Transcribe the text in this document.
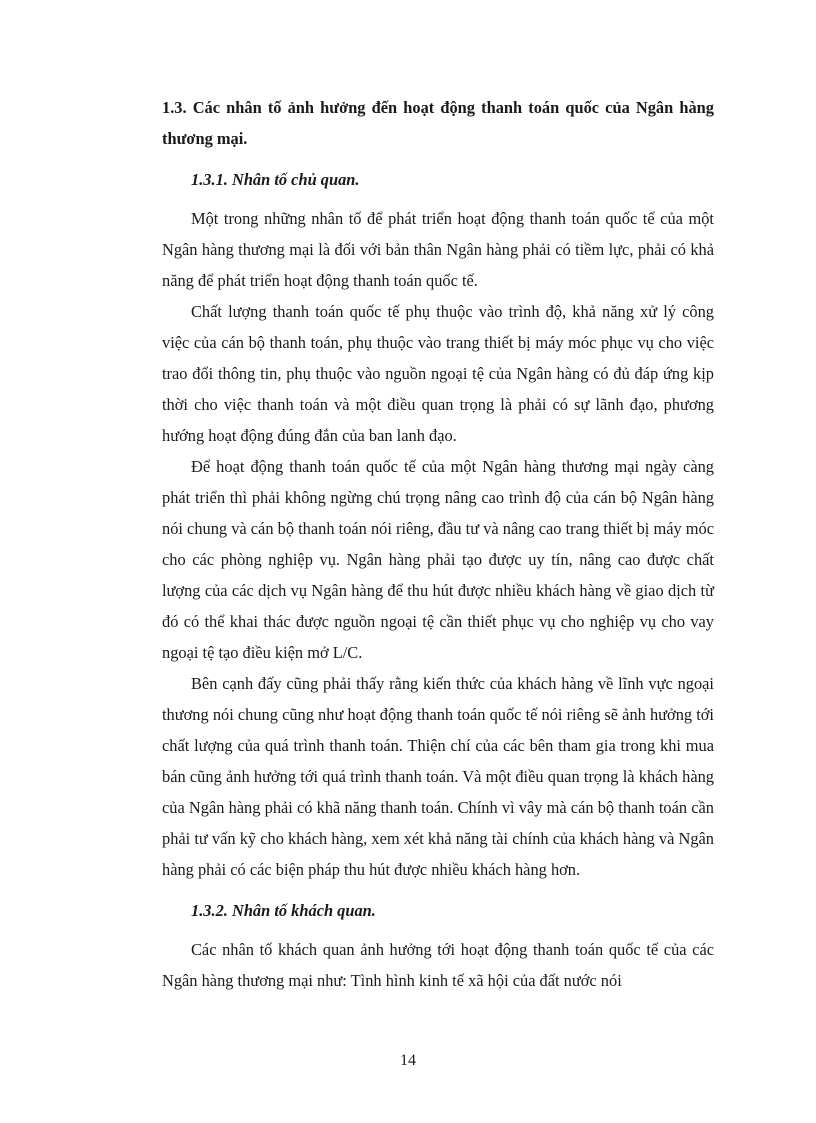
1.3. Các nhân tố ảnh hưởng đến hoạt động thanh toán quốc của Ngân hàng thương mại.

1.3.1. Nhân tố chủ quan.

Một trong những nhân tố để phát triển hoạt động thanh toán quốc tế của một Ngân hàng thương mại là đối với bản thân Ngân hàng phải có tiềm lực, phải có khả năng để phát triển hoạt động thanh toán quốc tế.

Chất lượng thanh toán quốc tế phụ thuộc vào trình độ, khả năng xử lý công việc của cán bộ thanh toán, phụ thuộc vào trang thiết bị máy móc phục vụ cho việc trao đổi thông tin, phụ thuộc vào nguồn ngoại tệ của Ngân hàng có đủ đáp ứng kịp thời cho việc thanh toán và một điều quan trọng là phải có sự lãnh đạo, phương hướng hoạt động đúng đắn của ban lanh đạo.

Để hoạt động thanh toán quốc tế của một Ngân hàng thương mại ngày càng phát triển thì phải không ngừng chú trọng nâng cao trình độ của cán bộ Ngân hàng nói chung và cán bộ thanh toán nói riêng, đầu tư và nâng cao trang thiết bị máy móc cho các phòng nghiệp vụ. Ngân hàng phải tạo được uy tín, nâng cao được chất lượng của các dịch vụ Ngân hàng để thu hút được nhiều khách hàng về giao dịch từ đó có thể khai thác được nguồn ngoại tệ cần thiết phục vụ cho nghiệp vụ cho vay ngoại tệ tạo điều kiện mở L/C.

Bên cạnh đấy cũng phải thấy rằng kiến thức của khách hàng về lĩnh vực ngoại thương nói chung cũng như hoạt động thanh toán quốc tế nói riêng sẽ ảnh hưởng tới chất lượng của quá trình thanh toán. Thiện chí của các bên tham gia trong khi mua bán cũng ảnh hưởng tới quá trình thanh toán. Và một điều quan trọng là khách hàng của Ngân hàng phải có khã năng thanh toán. Chính vì vây mà cán bộ thanh toán cần phải tư vấn kỹ cho khách hàng, xem xét khả năng tài chính của khách hàng và Ngân hàng phải có các biện pháp thu hút được nhiều khách hàng hơn.

1.3.2. Nhân tố khách quan.

Các nhân tố khách quan ảnh hưởng tới hoạt động thanh toán quốc tế của các Ngân hàng thương mại như: Tình hình kinh tế xã hội của đất nước nói

14
